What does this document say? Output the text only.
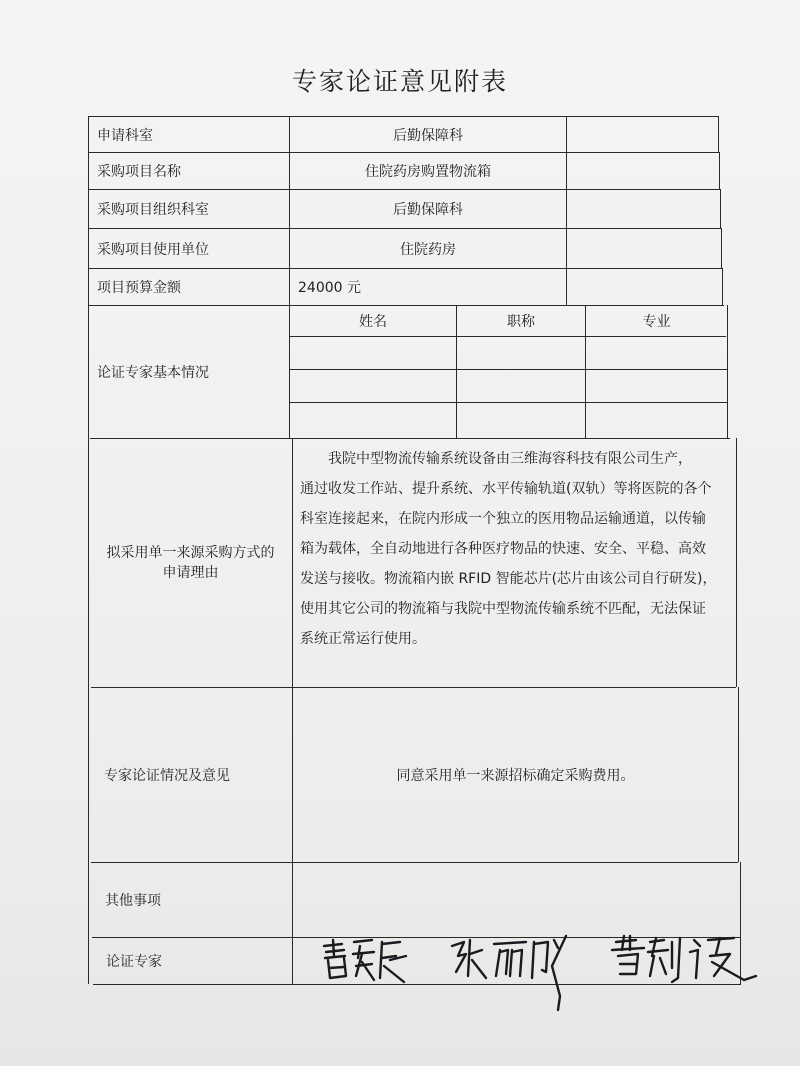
专家论证意见附表
申请科室	后勤保障科
采购项目名称	住院药房购置物流箱
采购项目组织科室	后勤保障科
采购项目使用单位	住院药房
项目预算金额	24000 元
论证专家基本情况
姓名	职称	专业
拟采用单一来源采购方式的
申请理由

我院中型物流传输系统设备由三维海容科技有限公司生产，

通过收发工作站、提升系统、水平传输轨道(双轨）等将医院的各个

科室连接起来，在院内形成一个独立的医用物品运输通道，以传输

箱为载体，全自动地进行各种医疗物品的快速、安全、平稳、高效

发送与接收。物流箱内嵌 RFID 智能芯片(芯片由该公司自行研发)，

使用其它公司的物流箱与我院中型物流传输系统不匹配，无法保证

系统正常运行使用。

专家论证情况及意见	同意采用单一来源招标确定采购费用。
其他事项
论证专家
